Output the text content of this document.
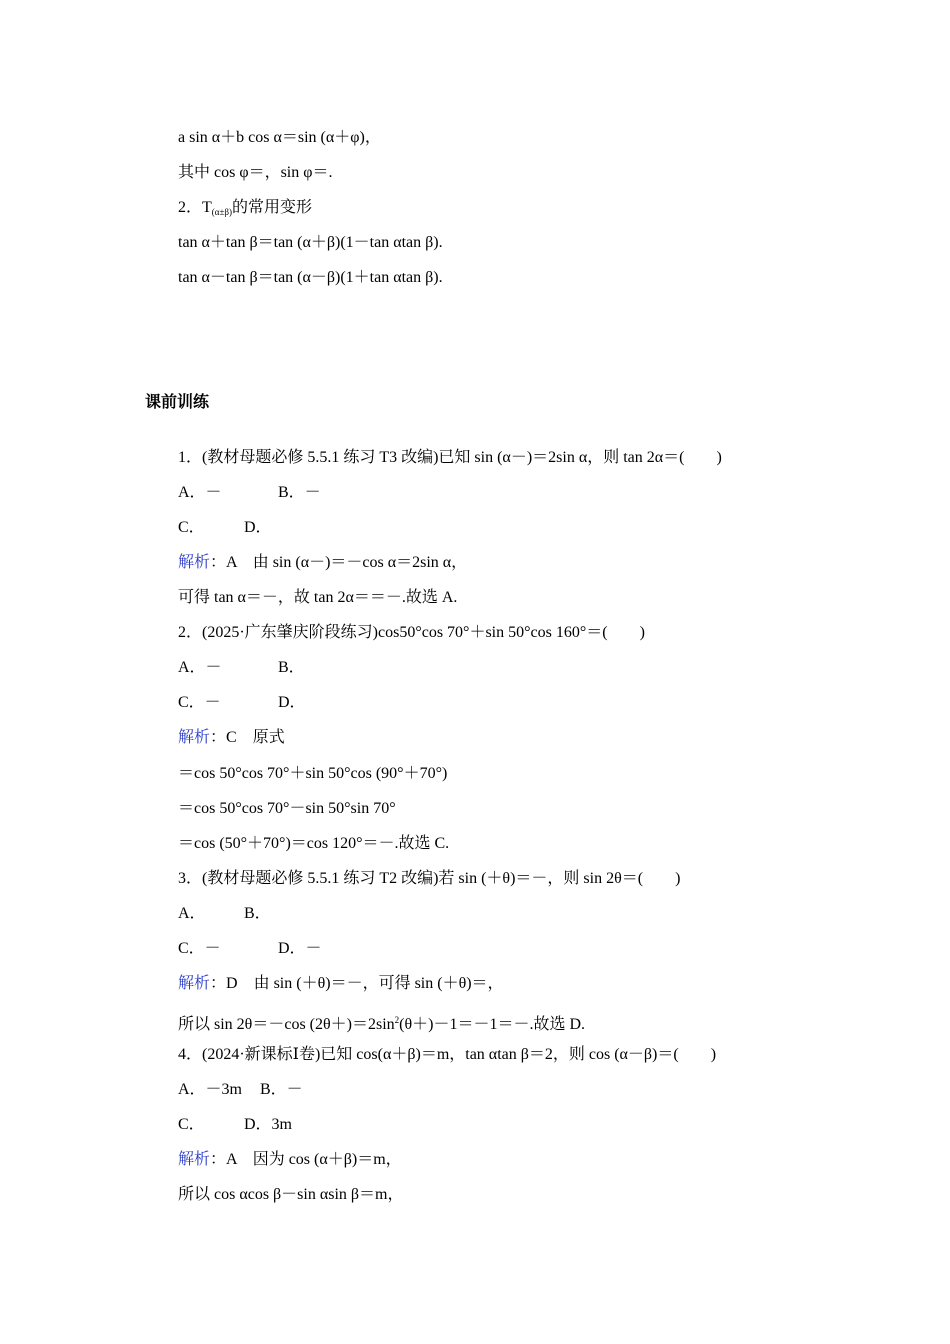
a sin α＋b cos α＝sin (α＋φ)，
其中 cos φ＝，sin φ＝.
2．$T_{(\alpha\pm\beta)}$的常用变形
tan α＋tan β＝tan (α＋β)(1－tan αtan β).
tan α－tan β＝tan (α－β)(1＋tan αtan β).
课前训练
1．(教材母题必修 5.5.1 练习 T3 改编)已知 sin (α－)＝2sin α，则 tan 2α＝(　　)
A．－	B．－
C． D．
解析：A　由 sin (α－)＝－cos α＝2sin α，
可得 tan α＝－，故 tan 2α＝＝－.故选 A.
2．(2025·广东肇庆阶段练习)cos50°cos 70°＋sin 50°cos 160°＝(　　)
A．－	B．
C．－	D．
解析：C　原式
＝cos 50°cos 70°＋sin 50°cos (90°＋70°)
＝cos 50°cos 70°－sin 50°sin 70°
＝cos (50°＋70°)＝cos 120°＝－.故选 C.
3．(教材母题必修 5.5.1 练习 T2 改编)若 sin (＋θ)＝－，则 sin 2θ＝(　　)
A． B．
C．－	D．－
解析：D　由 sin (＋θ)＝－，可得 sin (＋θ)＝，
所以 sin 2θ＝－cos $(2\theta+)=2\sin^2(\theta+)-1=-1=-$.故选 D.
4．(2024·新课标Ⅰ卷)已知 cos(α＋β)＝m，tan αtan β＝2，则 cos (α－β)＝(　　)
A．－3m B．－
C． D．3m
解析：A　因为 cos (α＋β)＝m，
所以 cos αcos β－sin αsin β＝m，
